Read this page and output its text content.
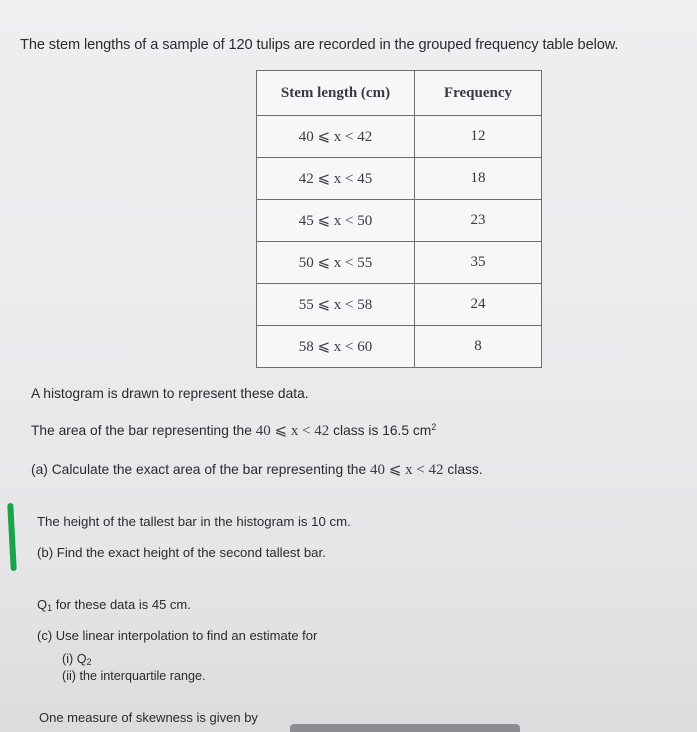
The stem lengths of a sample of 120 tulips are recorded in the grouped frequency table below.
Stem length (cm)	Frequency
40 ⩽ x < 42	12
42 ⩽ x < 45	18
45 ⩽ x < 50	23
50 ⩽ x < 55	35
55 ⩽ x < 58	24
58 ⩽ x < 60	8
A histogram is drawn to represent these data.
The area of the bar representing the 40 ⩽ x < 42 class is 16.5 $cm^2$
(a) Calculate the exact area of the bar representing the 40 ⩽ x < 42 class.
The height of the tallest bar in the histogram is 10 cm.
(b) Find the exact height of the second tallest bar.
$Q_1$ for these data is 45 cm.
(c) Use linear interpolation to find an estimate for
(i) $Q_2$
(ii) the interquartile range.
One measure of skewness is given by
